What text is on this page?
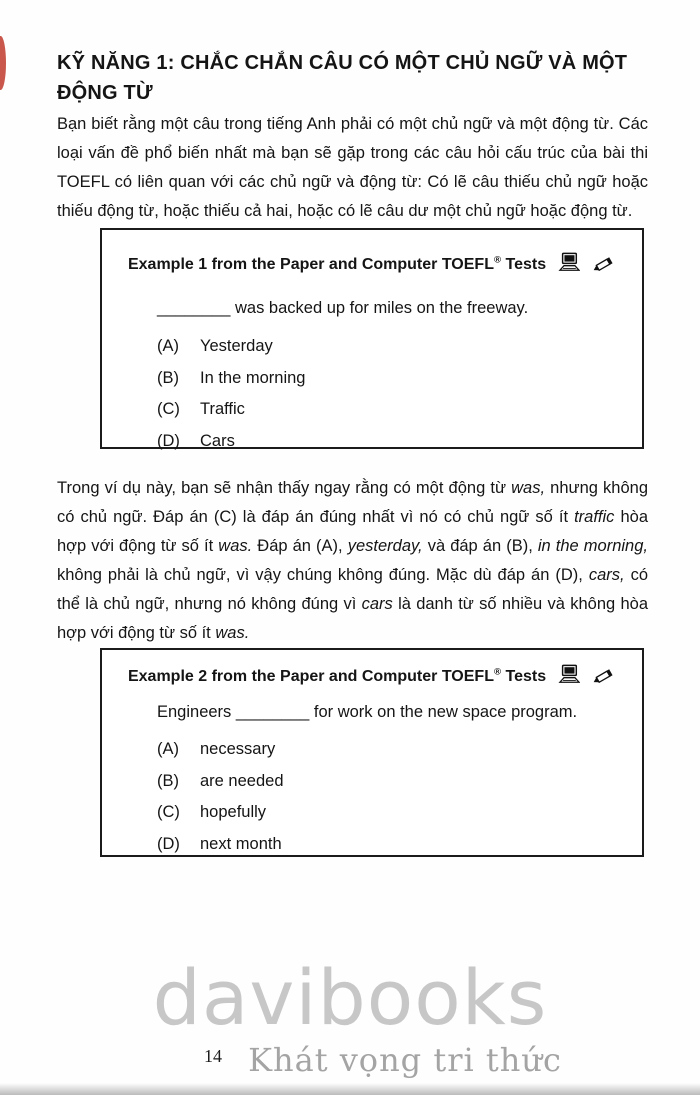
KỸ NĂNG 1: CHẮC CHẮN CÂU CÓ MỘT CHỦ NGỮ VÀ MỘT ĐỘNG TỪ

Bạn biết rằng một câu trong tiếng Anh phải có một chủ ngữ và một động từ. Các loại vấn đề phổ biến nhất mà bạn sẽ gặp trong các câu hỏi cấu trúc của bài thi TOEFL có liên quan với các chủ ngữ và động từ: Có lẽ câu thiếu chủ ngữ hoặc thiếu động từ, hoặc thiếu cả hai, hoặc có lẽ câu dư một chủ ngữ hoặc động từ.

Example 1 from the Paper and Computer TOEFL® Tests

________ was backed up for miles on the freeway.

(A)	Yesterday
(B)	In the morning
(C)	Traffic
(D)	Cars

Trong ví dụ này, bạn sẽ nhận thấy ngay rằng có một động từ was, nhưng không có chủ ngữ. Đáp án (C) là đáp án đúng nhất vì nó có chủ ngữ số ít traffic hòa hợp với động từ số ít was. Đáp án (A), yesterday, và đáp án (B), in the morning, không phải là chủ ngữ, vì vậy chúng không đúng. Mặc dù đáp án (D), cars, có thể là chủ ngữ, nhưng nó không đúng vì cars là danh từ số nhiều và không hòa hợp với động từ số ít was.

Example 2 from the Paper and Computer TOEFL® Tests

Engineers ________ for work on the new space program.

(A)	necessary
(B)	are needed
(C)	hopefully
(D)	next month
davibooks
14 Khát vọng tri thức
